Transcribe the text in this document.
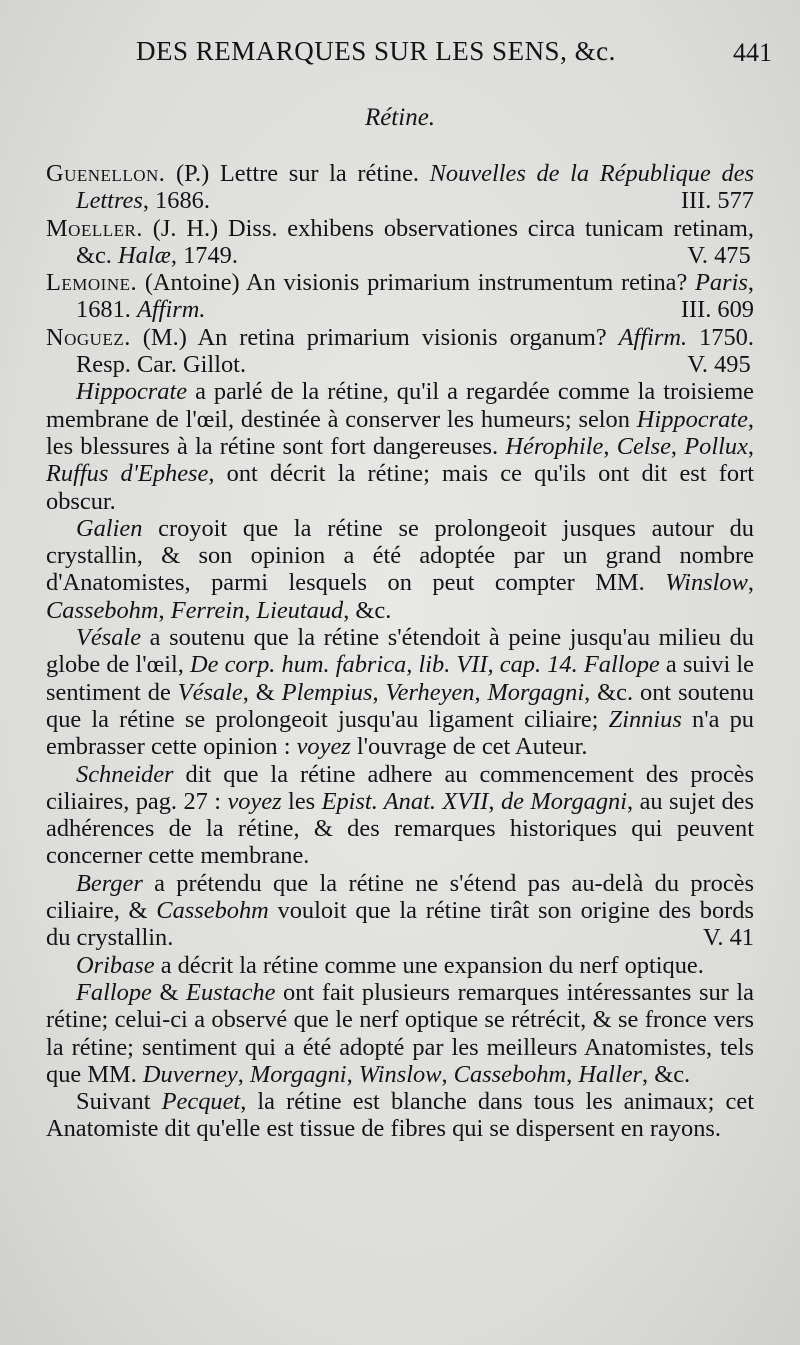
DES REMARQUES SUR LES SENS, &c.	441
Rétine.

Guenellon. (P.) Lettre sur la rétine. Nouvelles de la République des Lettres, 1686.	III. 577

Moeller. (J. H.) Diss. exhibens observationes circa tunicam retinam, &c. Halæ, 1749.	V. 475

Lemoine. (Antoine) An visionis primarium instrumentum retina? Paris, 1681. Affirm.	III. 609

Noguez. (M.) An retina primarium visionis organum? Affirm. 1750. Resp. Car. Gillot.	V. 495

Hippocrate a parlé de la rétine, qu'il a regardée comme la troisieme membrane de l'œil, destinée à conserver les humeurs; selon Hippocrate, les blessures à la rétine sont fort dangereuses. Hérophile, Celse, Pollux, Ruffus d'Ephese, ont décrit la rétine; mais ce qu'ils ont dit est fort obscur.

Galien croyoit que la rétine se prolongeoit jusques autour du crystallin, & son opinion a été adoptée par un grand nombre d'Anatomistes, parmi lesquels on peut compter MM. Winslow, Cassebohm, Ferrein, Lieutaud, &c.

Vésale a soutenu que la rétine s'étendoit à peine jusqu'au milieu du globe de l'œil, De corp. hum. fabrica, lib. VII, cap. 14. Fallope a suivi le sentiment de Vésale, & Plempius, Verheyen, Morgagni, &c. ont soutenu que la rétine se prolongeoit jusqu'au ligament ciliaire; Zinnius n'a pu embrasser cette opinion : voyez l'ouvrage de cet Auteur.

Schneider dit que la rétine adhere au commencement des procès ciliaires, pag. 27 : voyez les Epist. Anat. XVII, de Morgagni, au sujet des adhérences de la rétine, & des remarques historiques qui peuvent concerner cette membrane.

Berger a prétendu que la rétine ne s'étend pas au-delà du procès ciliaire, & Cassebohm vouloit que la rétine tirât son origine des bords du crystallin.	V. 41

Oribase a décrit la rétine comme une expansion du nerf optique.

Fallope & Eustache ont fait plusieurs remarques intéressantes sur la rétine; celui-ci a observé que le nerf optique se rétrécit, & se fronce vers la rétine; sentiment qui a été adopté par les meilleurs Anatomistes, tels que MM. Duverney, Morgagni, Winslow, Cassebohm, Haller, &c.

Suivant Pecquet, la rétine est blanche dans tous les animaux; cet Anatomiste dit qu'elle est tissue de fibres qui se dispersent en rayons.
